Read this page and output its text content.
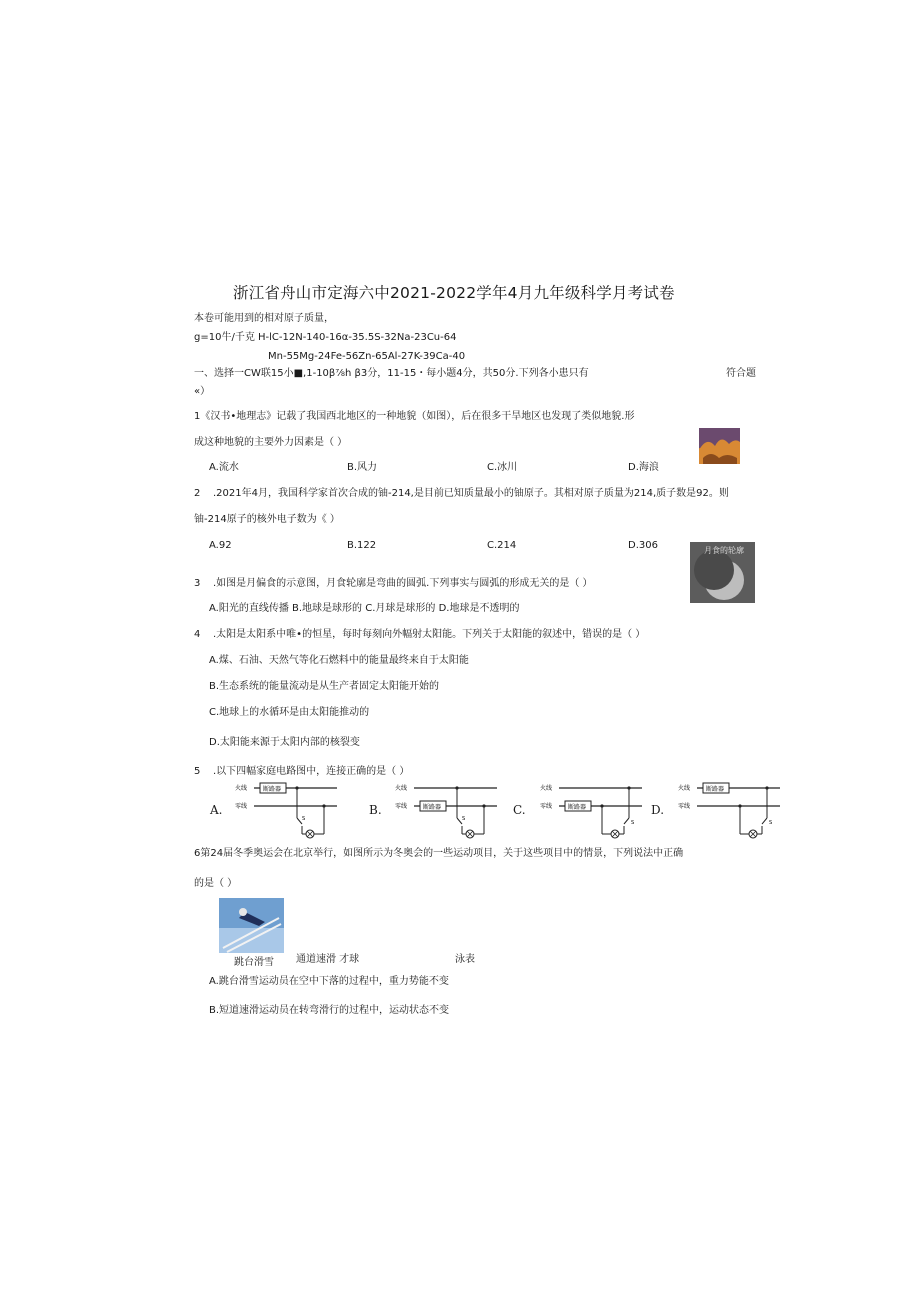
浙江省舟山市定海六中2021-2022学年4月九年级科学月考试卷
本卷可能用到的相对原子质量，
g=10牛/千克 H-lC-12N-140-16α-35.5S-32Na-23Cu-64
Mn-55Mg-24Fe-56Zn-65Al-27K-39Ca-40
一、选择一CW联15小■,1-10β⅞h β3分，11-15・每小题4分，共50分.下列各小患只有	符合题
«）
1《汉书•地理志》记载了我国西北地区的一种地貌（如图），后在很多干旱地区也发现了类似地貌.形
成这种地貌的主要外力因素是（ ）
A.流水	B.风力	C.冰川	D.海浪
2 .2021年4月，我国科学家首次合成的铀-214,是目前已知质量最小的铀原子。其相对原子质量为214,质子数是92。则
铀-214原子的核外电子数为《 ）
A.92	B.122	C.214	D.306	月食的轮廓
3 .如图是月偏食的示意图，月食轮廓是弯曲的圆弧.下列事实与圆弧的形成无关的是（ ）
A.阳光的直线传播 B.地球是球形的 C.月球是球形的 D.地球是不透明的
4 .太阳是太阳系中唯•的恒星，每时每刻向外幅射太阳能。下列关于太阳能的叙述中，错误的是（ ）
A.煤、石油、天然气等化石燃料中的能量最终来自于太阳能
B.生态系统的能量流动是从生产者固定太阳能开始的
C.地球上的水循环是由太阳能推动的
D.太阳能来源于太阳内部的核裂变
5 .以下四幅家庭电路图中，连接正确的是（ ）
A.
火线
零线
断路器
S
B.
火线
零线	断路器
S
C.
火线
零线	断路器
S
D.
火线
零线
断路器
S
6第24届冬季奥运会在北京举行，如图所示为冬奥会的一些运动项目，关于这些项目中的情景，下列说法中正确
的是（ ）
跳台滑雪 通道速滑 才球	泳表
A.跳台滑雪运动员在空中下落的过程中，重力势能不变
B.短道速滑运动员在转弯滑行的过程中，运动状态不变
